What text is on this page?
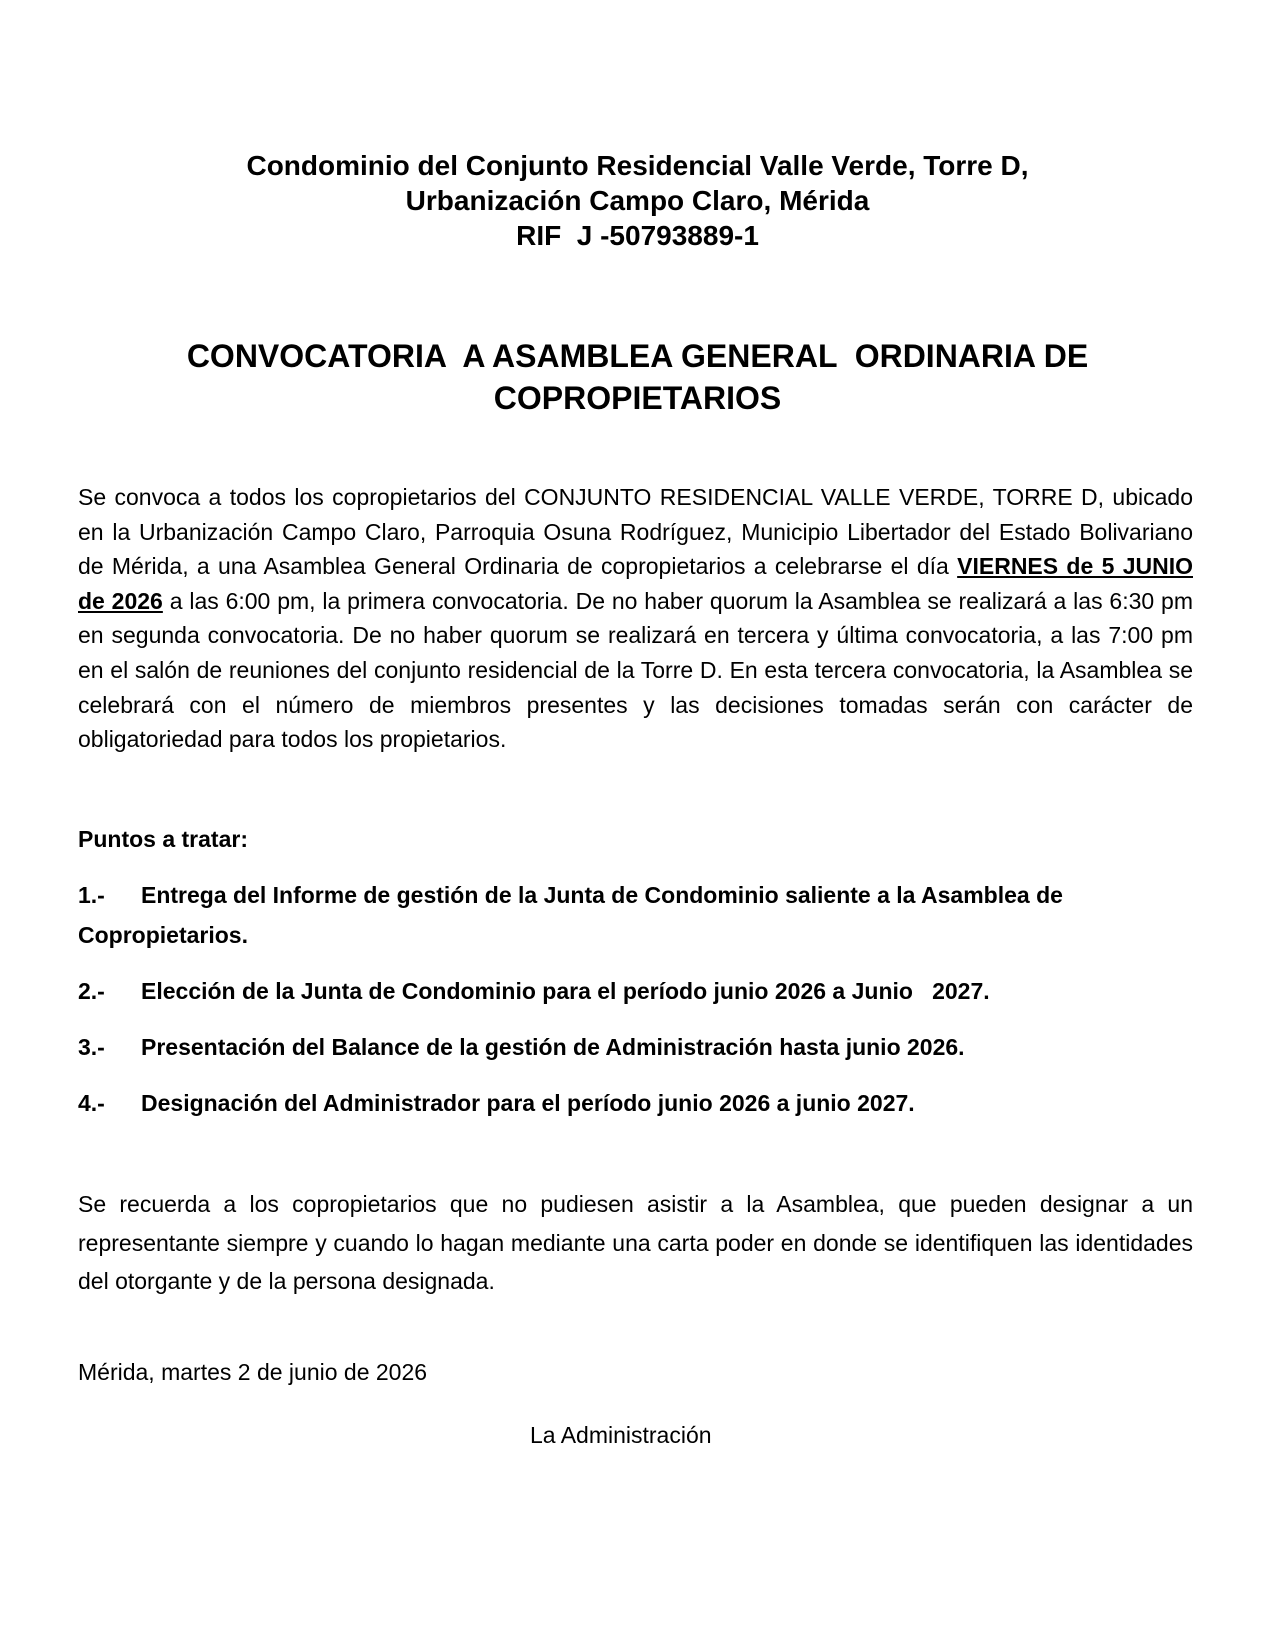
Condominio del Conjunto Residencial Valle Verde, Torre D,
Urbanización Campo Claro, Mérida
RIF  J -50793889-1
CONVOCATORIA  A ASAMBLEA GENERAL  ORDINARIA DE
COPROPIETARIOS

Se convoca a todos los copropietarios del CONJUNTO RESIDENCIAL VALLE VERDE, TORRE D, ubicado en la Urbanización Campo Claro, Parroquia Osuna Rodríguez, Municipio Libertador del Estado Bolivariano de Mérida, a una Asamblea General Ordinaria de copropietarios a celebrarse el día VIERNES de 5 JUNIO de 2026 a las 6:00 pm, la primera convocatoria. De no haber quorum la Asamblea se realizará a las 6:30 pm en segunda convocatoria. De no haber quorum se realizará en tercera y última convocatoria, a las 7:00 pm en el salón de reuniones del conjunto residencial de la Torre D. En esta tercera convocatoria, la Asamblea se celebrará con el número de miembros presentes y las decisiones tomadas serán con carácter de obligatoriedad para todos los propietarios.

Puntos a tratar:
1.- Entrega del Informe de gestión de la Junta de Condominio saliente a la Asamblea de Copropietarios.
2.- Elección de la Junta de Condominio para el período junio 2026 a Junio   2027.
3.- Presentación del Balance de la gestión de Administración hasta junio 2026.
4.- Designación del Administrador para el período junio 2026 a junio 2027.

Se recuerda a los copropietarios que no pudiesen asistir a la Asamblea, que pueden designar a un representante siempre y cuando lo hagan mediante una carta poder en donde se identifiquen las identidades del otorgante y de la persona designada.

Mérida, martes 2 de junio de 2026
La Administración
